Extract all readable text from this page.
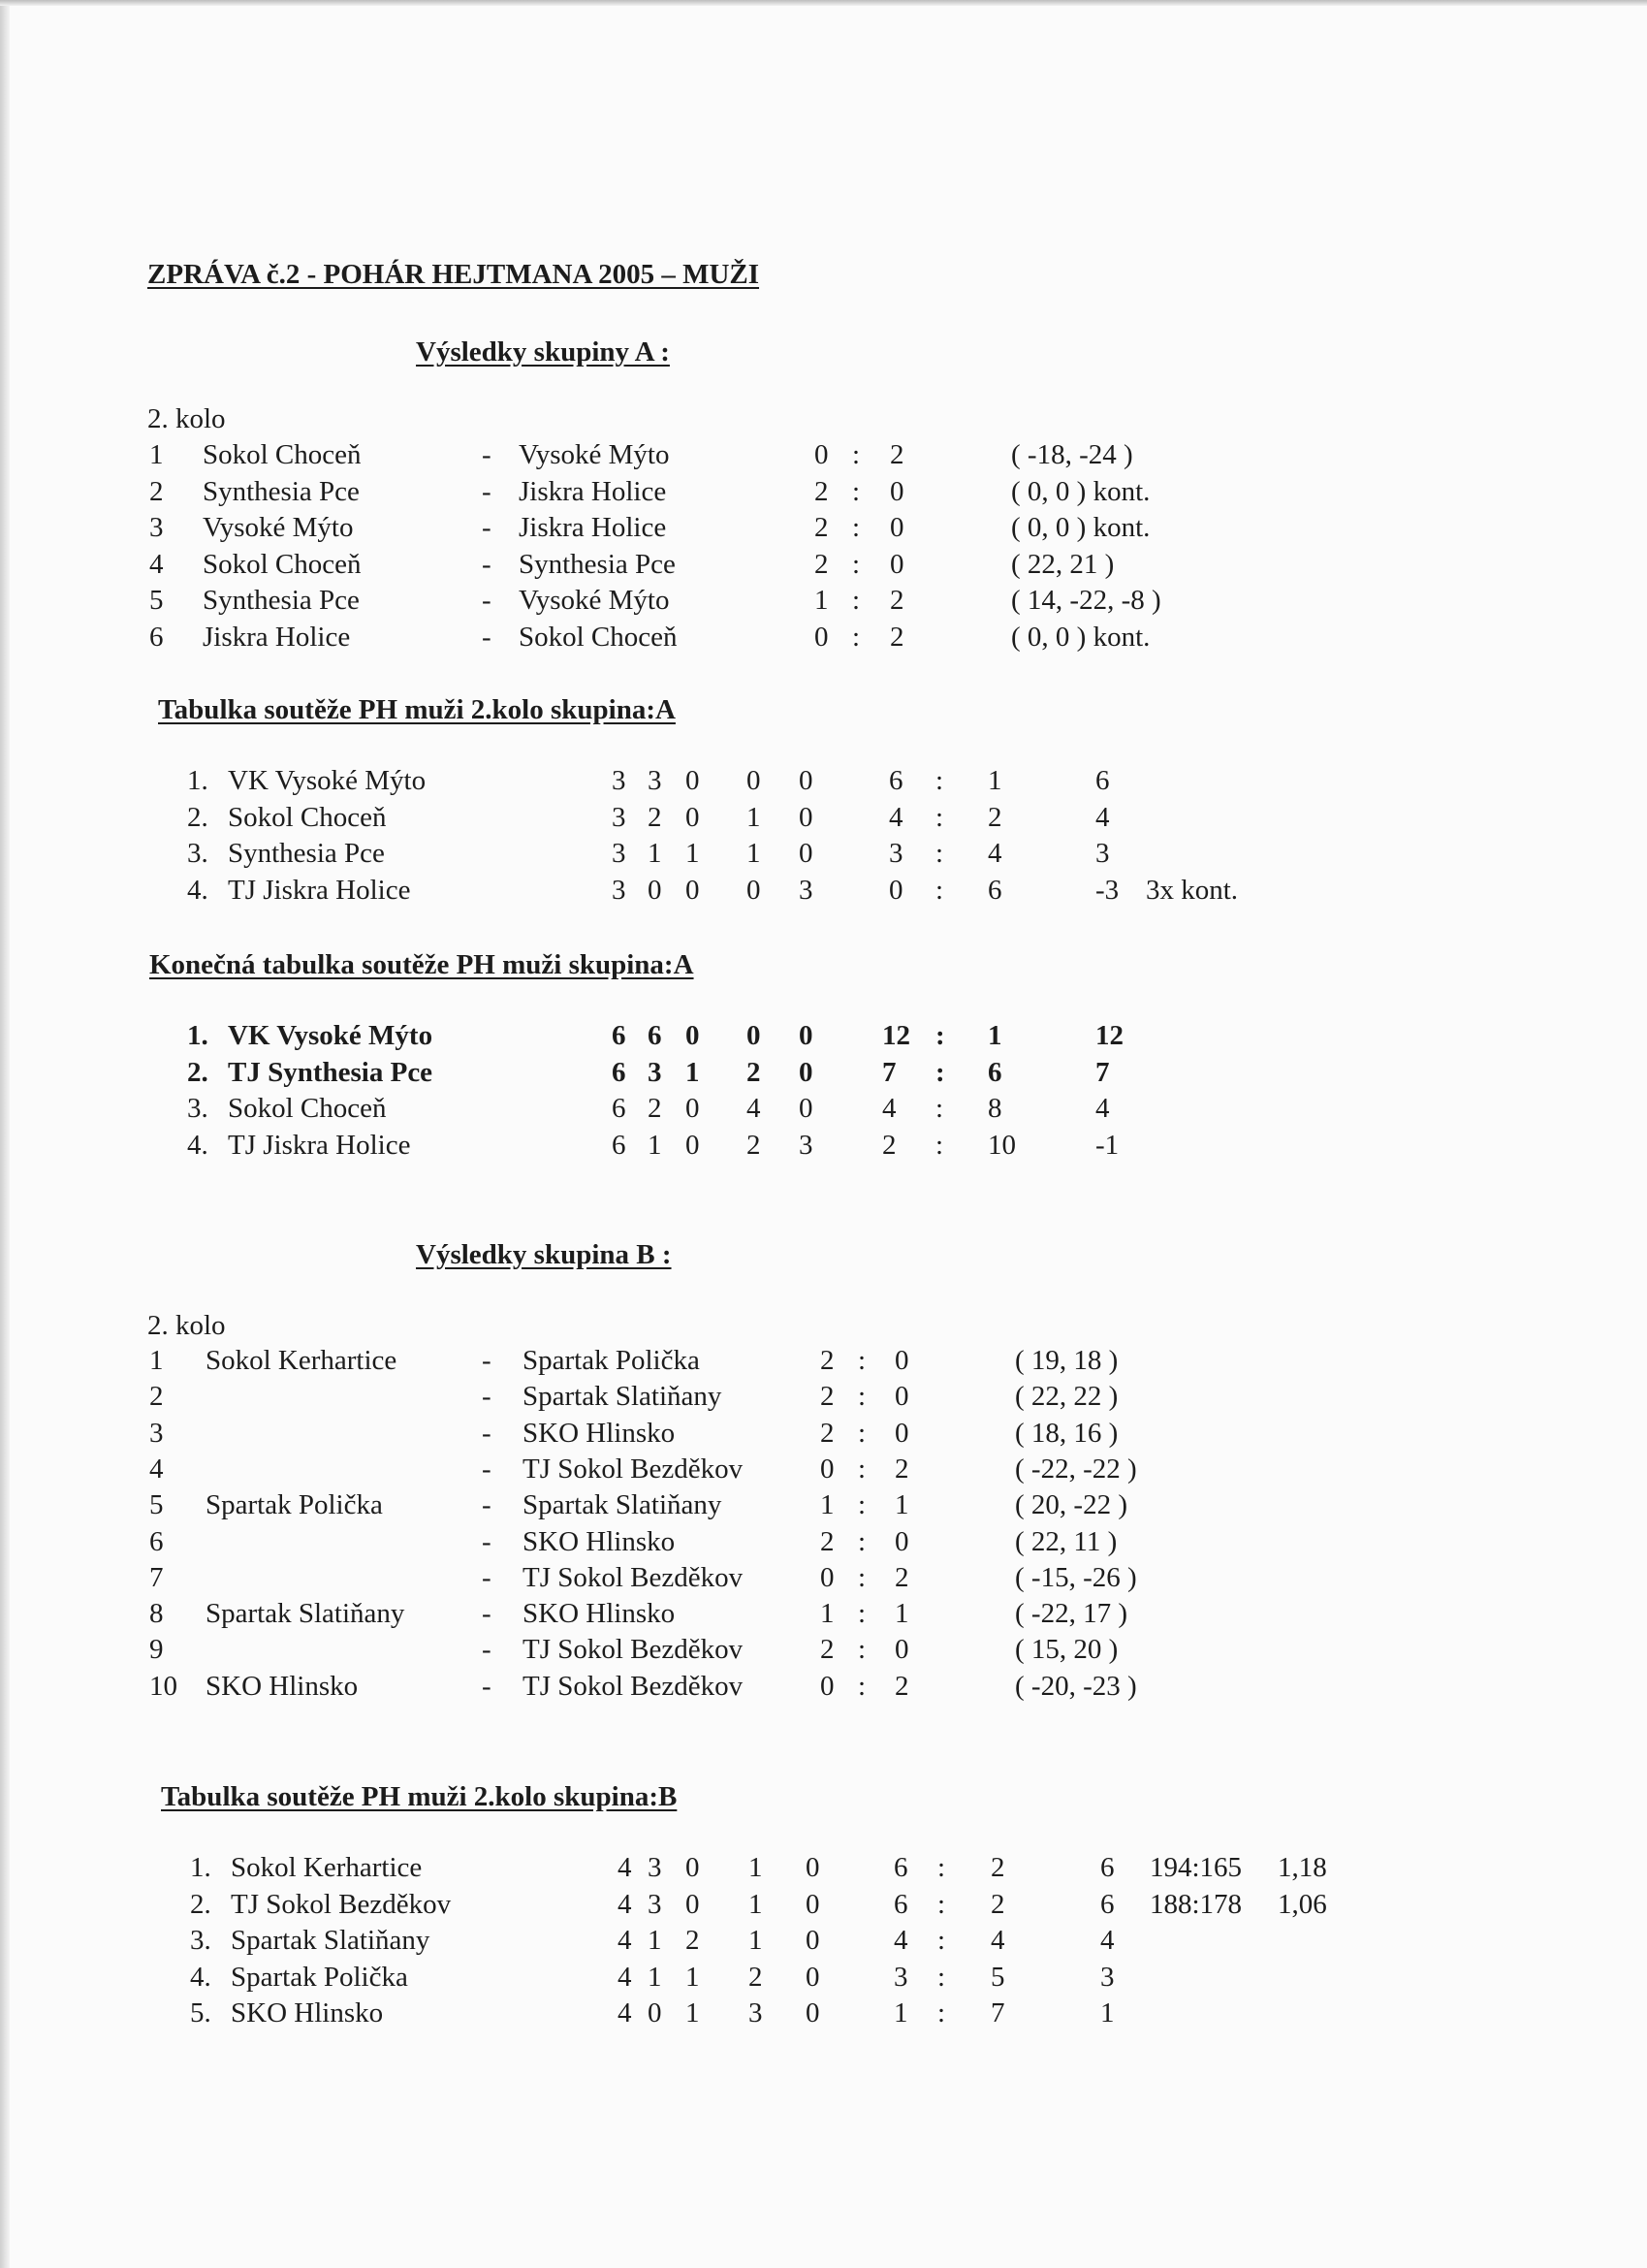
ZPRÁVA č.2 - POHÁR HEJTMANA 2005 – MUŽI
Výsledky skupiny A :
2. kolo
Tabulka soutěže PH muži 2.kolo skupina:A
Konečná tabulka soutěže PH muži skupina:A
Výsledky skupina B :
2. kolo
Tabulka soutěže PH muži 2.kolo skupina:B
1 Sokol Choceň	- Vysoké Mýto	0 : 2	( -18, -24 )
2 Synthesia Pce	- Jiskra Holice	2 : 0	( 0, 0 ) kont.
3 Vysoké Mýto	- Jiskra Holice	2 : 0	( 0, 0 ) kont.
4 Sokol Choceň	- Synthesia Pce	2 : 0	( 22, 21 )
5 Synthesia Pce	- Vysoké Mýto	1 : 2	( 14, -22, -8 )
6 Jiskra Holice	- Sokol Choceň	0 : 2	( 0, 0 ) kont.
1. VK Vysoké Mýto	3 3 0 0 0	6 : 1	6
2. Sokol Choceň	3 2 0 1 0	4 : 2	4
3. Synthesia Pce	3 1 1 1 0	3 : 4	3
4. TJ Jiskra Holice	3 0 0 0 3	0 : 6	-3 3x kont.
1. VK Vysoké Mýto	6 6 0 0 0 12 : 1	12
2. TJ Synthesia Pce	6 3 1 2 0 7 : 6	7
3. Sokol Choceň	6 2 0 4 0 4 : 8	4
4. TJ Jiskra Holice	6 1 0 2 3 2 : 10	-1
1 Sokol Kerhartice	- Spartak Polička	2 : 0	( 19, 18 )
2	- Spartak Slatiňany	2 : 0	( 22, 22 )
3	- SKO Hlinsko	2 : 0	( 18, 16 )
4	- TJ Sokol Bezděkov	0 : 2	( -22, -22 )
5 Spartak Polička	- Spartak Slatiňany	1 : 1	( 20, -22 )
6	- SKO Hlinsko	2 : 0	( 22, 11 )
7	- TJ Sokol Bezděkov	0 : 2	( -15, -26 )
8 Spartak Slatiňany	- SKO Hlinsko	1 : 1	( -22, 17 )
9	- TJ Sokol Bezděkov	2 : 0	( 15, 20 )
10 SKO Hlinsko	- TJ Sokol Bezděkov	0 : 2	( -20, -23 )
1. Sokol Kerhartice	4 3 0 1 0	6 : 2	6 194:165 1,18
2. TJ Sokol Bezděkov	4 3 0 1 0	6 : 2	6 188:178 1,06
3. Spartak Slatiňany	4 1 2 1 0	4 : 4	4
4. Spartak Polička	4 1 1 2 0	3 : 5	3
5. SKO Hlinsko	4 0 1 3 0	1 : 7	1
